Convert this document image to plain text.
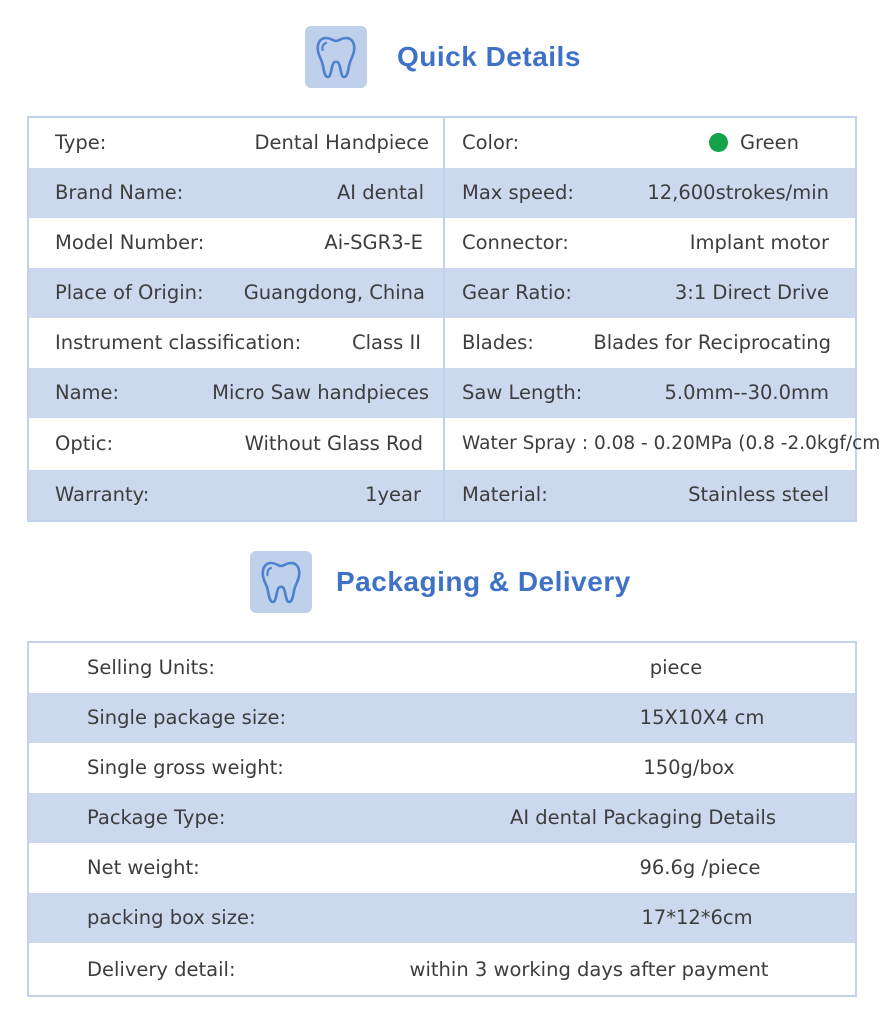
Quick Details
Type:	Dental Handpiece Color:	Green
Brand Name:	AI dental Max speed:	12,600strokes/min
Model Number:	Ai-SGR3-E Connector:	Implant motor
Place of Origin: Guangdong, China Gear Ratio:	3:1 Direct Drive
Instrument classification:	Class II Blades:	Blades for Reciprocating
Name:	Micro Saw handpieces Saw Length:	5.0mm--30.0mm
Optic:	Without Glass Rod Water Spray : 0.08 - 0.20MPa (0.8 -2.0kgf/cm
Warranty:	1year Material:	Stainless steel
Packaging & Delivery
Selling Units:	piece
Single package size:	15X10X4 cm
Single gross weight:	150g/box
Package Type:	AI dental Packaging Details
Net weight:	96.6g /piece
packing box size:	17*12*6cm
Delivery detail:	within 3 working days after payment
